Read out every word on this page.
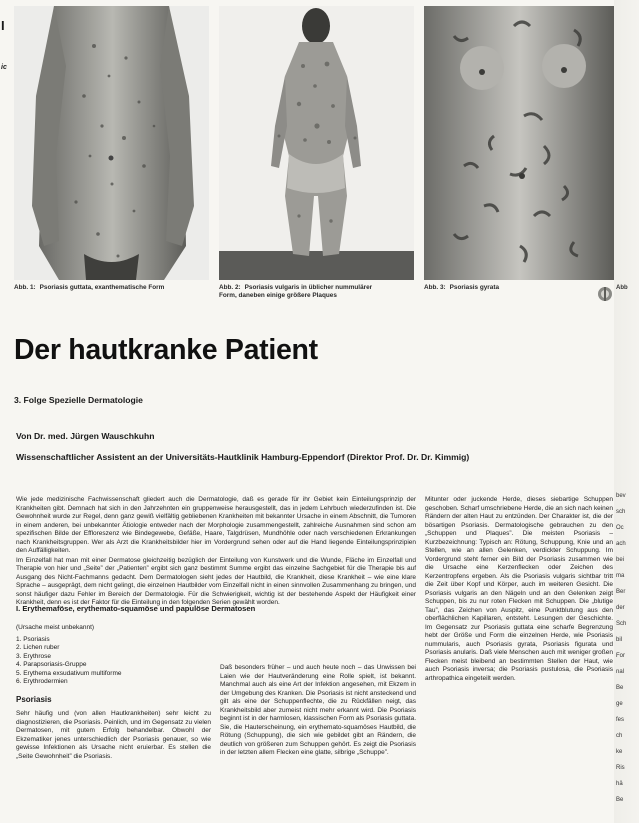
I
ic
Abb. 1: Psoriasis guttata, exanthematische Form	Abb. 2: Psoriasis vulgaris in üblicher nummulärer
Form, daneben einige größere Plaques
Abb. 3: Psoriasis gyrata
Der hautkranke Patient
3. Folge Spezielle Dermatologie
Von Dr. med. Jürgen Wauschkuhn
Wissenschaftlicher Assistent an der Universitäts-Hautklinik Hamburg-Eppendorf (Direktor Prof. Dr. Dr. Kimmig)

Wie jede medizinische Fachwissenschaft gliedert auch die Dermatologie, daß es gerade für ihr Gebiet kein Einteilungsprinzip der Krankheiten gibt. Demnach hat sich in den Jahrzehnten ein gruppenweise herausgestellt, das in jedem Lehrbuch wiederzufinden ist. Die Gewohnheit wurde zur Regel, denn ganz gewiß vielfältig gebliebenen Krankheiten mit bekannter Ursache in einem Abschnitt, die Tumoren in einem anderen, bei unbekannter Ätiologie entweder nach der Morphologie zusammengestellt, zahlreiche Ausnahmen sind schon am spezifischen Bilde der Effloreszenz wie Bindegewebe, Gefäße, Haare, Talgdrüsen, Mundhöhle oder nach verschiedenen Erkrankungen nach Krankheitsgruppen. Wer als Arzt die Krankheitsbilder hier im Vordergrund sehen oder auf die Hand liegende Einteilungsprinzipien den Auffälligkeiten.

Im Einzelfall hat man mit einer Dermatose gleichzeitig bezüglich der Einteilung von Kunstwerk und die Wunde, Fläche im Einzelfall und Therapie von hier und „Seite” der „Patienten” ergibt sich ganz bestimmt Summe ergibt das einzelne Sachgebiet für die Therapie bis auf Ausgang des Nicht-Fachmanns gedacht. Dem Dermatologen sieht jedes der Hautbild, die Krankheit, diese Krankheit – wie eine klare Sprache – ausgeprägt, dem nicht gelingt, die einzelnen Hautbilder vom Einzelfall nicht in einen sinnvollen Zusammenhang zu bringen, und sonst häufiger dazu Fehler im Bereich der Dermatologie. Für die Schwierigkeit, wichtig ist der bestehende Aspekt der Häufigkeit einer Krankheit, denn es ist der Faktor für die Einteilung in den folgenden Serien gewählt worden.

I. Erythemaföse, erythemato-squamöse und papulöse Dermatosen
(Ursache meist unbekannt)
1. Psoriasis
2. Lichen ruber
3. Erythrose
4. Parapsoriasis-Gruppe
5. Erythema exsudativum multiforme
6. Erythrodermien
Psoriasis
Sehr häufig und (von allen Hautkrankheiten) sehr leicht zu diagnostizieren, die Psoriasis. Peinlich, und im Gegensatz zu vielen Dermatosen, mit gutem Erfolg behandelbar. Obwohl der Ekzematiker jenes unterschiedlich der Psoriasis genauer, so wie gewisse Infektionen als Ursache nicht eruierbar. Es stellen die „Seite Gewohnheit” die Psoriasis.
Daß besonders früher – und auch heute noch – das Unwissen bei Laien wie der Hautveränderung eine Rolle spielt, ist bekannt. Manchmal auch als eine Art der Infektion angesehen, mit Ekzem in der Umgebung des Kranken. Die Psoriasis ist nicht ansteckend und gilt als eine der Schuppenflechte, die zu Rückfällen neigt, das Krankheitsbild aber zumeist nicht mehr erkannt wird. Die Psoriasis beginnt ist in der harmlosen, klassischen Form als Psoriasis guttata. Sie, die Hauterscheinung, ein erythemato-squamöses Hautbild, die Rötung (Schuppung), die sich wie gebildet gibt an Rändern, die deutlich von größeren zum Schuppen gehört. Es zeigt die Psoriasis in der letzten allem Flecken eine glatte, silbrige „Schuppe”.
Mitunter oder juckende Herde, dieses siebartige Schuppen geschoben. Scharf umschriebene Herde, die an sich nach keinen Rändern der alten Haut zu entzünden. Der Charakter ist, die der bösartigen Psoriasis. Dermatologische gebrauchen zu den „Schuppen und Plaques”. Die meisten Psoriasis – Kurzbezeichnung: Typisch an: Rötung, Schuppung, Knie und an Stellen, wie an allen Gelenken, verdickter Schuppung. Im Vordergrund steht ferner ein Bild der Psoriasis zusammen wie die Ursache eine Kerzenflecken oder Zeichen des Kerzentropfens ergeben. Als die Psoriasis vulgaris sichtbar tritt die Zeit über Kopf und Körper, auch im weiteren Gesicht. Die Psoriasis vulgaris an den Nägeln und an den Gelenken zeigt Schuppen, bis zu nur roten Flecken mit Schuppen. Die „blutige Tau”, das Zeichen von Auspitz, eine Punktblutung aus den oberflächlichen Kapillaren, entsteht. Lesungen der Geschichte. Im Gegensatz zur Psoriasis guttata eine scharfe Begrenzung hebt der Größe und Form die einzelnen Herde, wie Psoriasis nummularis, auch Psoriasis gyrata, Psoriasis figurata und Psoriasis anularis. Daß viele Menschen auch mit weniger großen Flecken meist bleibend an bestimmten Stellen der Haut, wie auch Psoriasis inversa; die Psoriasis pustulosa, die Psoriasis arthropathica eingeteilt werden.
Abb
bev
sch
Oc
ach
bei
ma
Ber
der
Sch
bil
For
nal
Be
ge
fes
ch
ke
Ris
hä
Be
